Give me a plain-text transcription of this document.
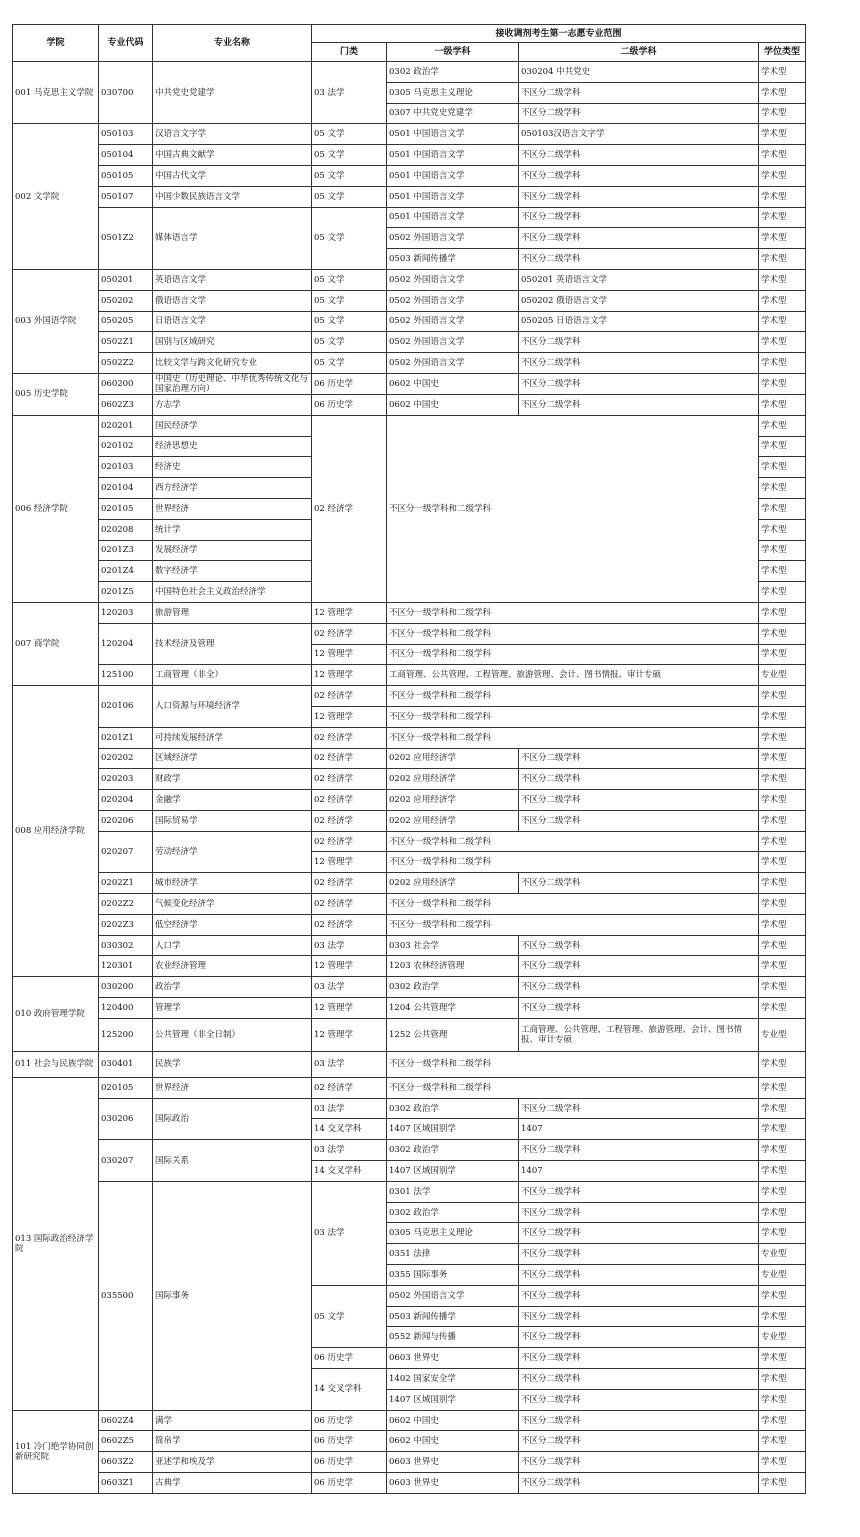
学院	专业代码	专业名称	接收调剂考生第一志愿专业范围			
			门类	一级学科	二级学科	学位类型
001 马克思主义学院	030700	中共党史党建学	03 法学	0302 政治学	030204 中共党史	学术型
				0305 马克思主义理论	不区分二级学科	学术型
				0307 中共党史党建学	不区分二级学科	学术型
002 文学院	050103	汉语言文字学	05 文学	0501 中国语言文学	050103汉语言文字学	学术型
	050104	中国古典文献学	05 文学	0501 中国语言文学	不区分二级学科	学术型
	050105	中国古代文学	05 文学	0501 中国语言文学	不区分二级学科	学术型
	050107	中国少数民族语言文学	05 文学	0501 中国语言文学	不区分二级学科	学术型
	0501Z2	媒体语言学	05 文学	0501 中国语言文学	不区分二级学科	学术型
				0502 外国语言文学	不区分二级学科	学术型
				0503 新闻传播学	不区分二级学科	学术型
003 外国语学院	050201	英语语言文学	05 文学	0502 外国语言文学	050201 英语语言文学	学术型
	050202	俄语语言文学	05 文学	0502 外国语言文学	050202 俄语语言文学	学术型
	050205	日语语言文学	05 文学	0502 外国语言文学	050205 日语语言文学	学术型
	0502Z1	国别与区域研究	05 文学	0502 外国语言文学	不区分二级学科	学术型
	0502Z2	比较文学与跨文化研究专业	05 文学	0502 外国语言文学	不区分二级学科	学术型
005 历史学院	060200	中国史（历史理论、中华优秀传统文化与国家治理方向）	06 历史学	0602 中国史	不区分二级学科	学术型
	0602Z3	方志学	06 历史学	0602 中国史	不区分二级学科	学术型
006 经济学院	020201	国民经济学	02 经济学	不区分一级学科和二级学科		学术型
	020102	经济思想史				学术型
	020103	经济史				学术型
	020104	西方经济学				学术型
	020105	世界经济				学术型
	020208	统计学				学术型
	0201Z3	发展经济学				学术型
	0201Z4	数字经济学				学术型
	0201Z5	中国特色社会主义政治经济学				学术型
007 商学院	120203	旅游管理	12 管理学	不区分一级学科和二级学科		学术型
	120204	技术经济及管理	02 经济学	不区分一级学科和二级学科		学术型
			12 管理学	不区分一级学科和二级学科		学术型
	125100	工商管理（非全）	12 管理学	工商管理、公共管理、工程管理、旅游管理、会计、图书情报、审计专硕		专业型
008 应用经济学院	020106	人口资源与环境经济学	02 经济学	不区分一级学科和二级学科		学术型
			12 管理学	不区分一级学科和二级学科		学术型
	0201Z1	可持续发展经济学	02 经济学	不区分一级学科和二级学科		学术型
	020202	区域经济学	02 经济学	0202 应用经济学	不区分二级学科	学术型
	020203	财政学	02 经济学	0202 应用经济学	不区分二级学科	学术型
	020204	金融学	02 经济学	0202 应用经济学	不区分二级学科	学术型
	020206	国际贸易学	02 经济学	0202 应用经济学	不区分二级学科	学术型
	020207	劳动经济学	02 经济学	不区分一级学科和二级学科		学术型
			12 管理学	不区分一级学科和二级学科		学术型
	0202Z1	城市经济学	02 经济学	0202 应用经济学	不区分二级学科	学术型
	0202Z2	气候变化经济学	02 经济学	不区分一级学科和二级学科		学术型
	0202Z3	低空经济学	02 经济学	不区分一级学科和二级学科		学术型
	030302	人口学	03 法学	0303 社会学	不区分二级学科	学术型
	120301	农业经济管理	12 管理学	1203 农林经济管理	不区分二级学科	学术型
010 政府管理学院	030200	政治学	03 法学	0302 政治学	不区分二级学科	学术型
	120400	管理学	12 管理学	1204 公共管理学	不区分二级学科	学术型
	125200	公共管理（非全日制）	12 管理学	1252 公共管理	工商管理、公共管理、工程管理、旅游管理、会计、图书情报、审计专硕	专业型
011 社会与民族学院	030401	民族学	03 法学	不区分一级学科和二级学科		学术型
013 国际政治经济学院	020105	世界经济	02 经济学	不区分一级学科和二级学科		学术型
	030206	国际政治	03 法学	0302 政治学	不区分二级学科	学术型
			14 交叉学科	1407 区域国别学	1407	学术型
	030207	国际关系	03 法学	0302 政治学	不区分二级学科	学术型
			14 交叉学科	1407 区域国别学	1407	学术型
	035500	国际事务	03 法学	0301 法学	不区分二级学科	学术型
				0302 政治学	不区分二级学科	学术型
				0305 马克思主义理论	不区分二级学科	学术型
				0351 法律	不区分二级学科	专业型
				0355 国际事务	不区分二级学科	专业型
			05 文学	0502 外国语言文学	不区分二级学科	学术型
				0503 新闻传播学	不区分二级学科	学术型
				0552 新闻与传播	不区分二级学科	专业型
			06 历史学	0603 世界史	不区分二级学科	学术型
			14 交叉学科	1402 国家安全学	不区分二级学科	学术型
				1407 区域国别学	不区分二级学科	学术型
101 冷门绝学协同创新研究院	0602Z4	满学	06 历史学	0602 中国史	不区分二级学科	学术型
	0602Z5	简帛学	06 历史学	0602 中国史	不区分二级学科	学术型
	0603Z2	亚述学和埃及学	06 历史学	0603 世界史	不区分二级学科	学术型
	0603Z1	古典学	06 历史学	0603 世界史	不区分二级学科	学术型
